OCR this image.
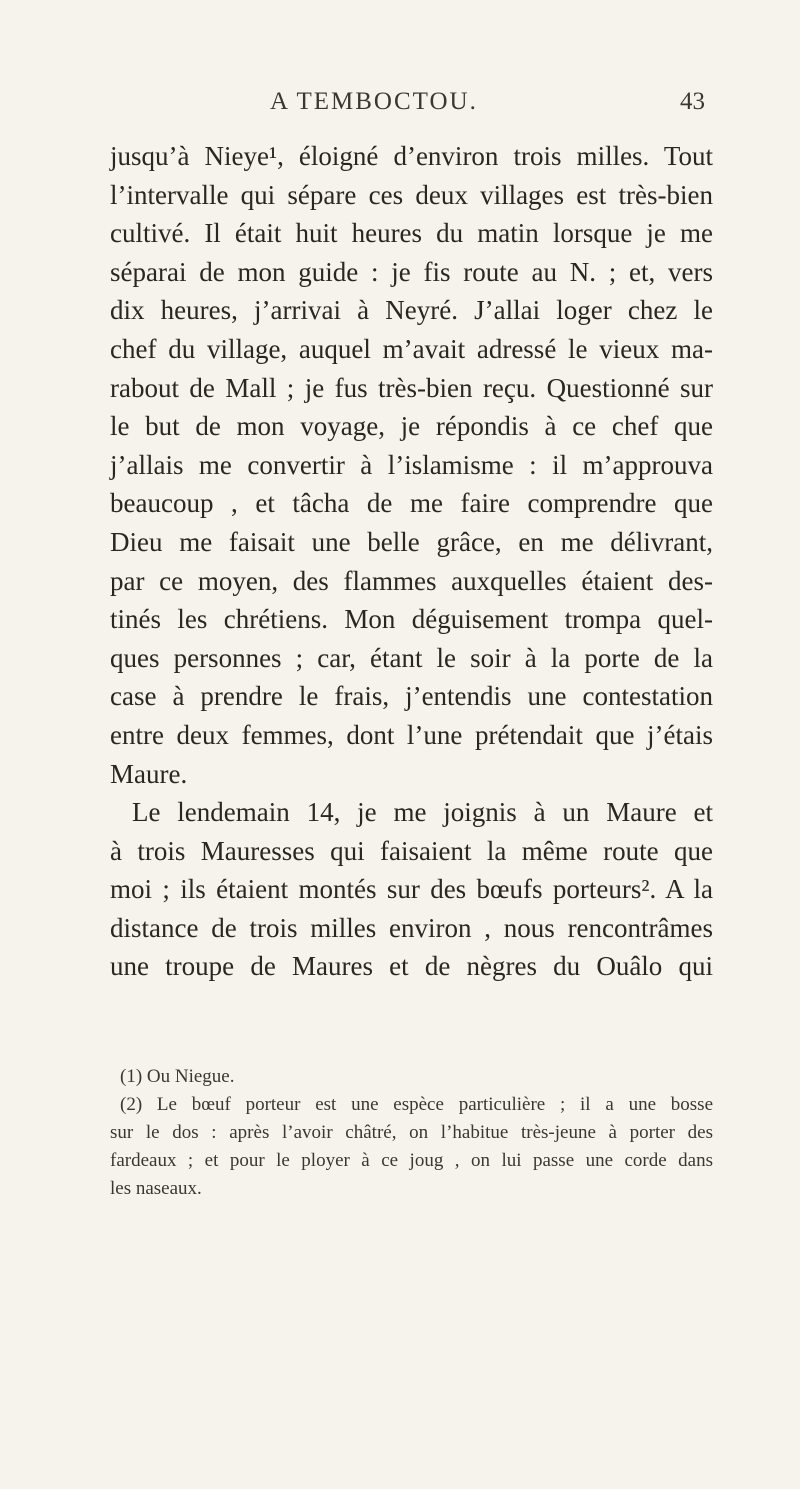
A TEMBOCTOU.	43
jusqu’à Nieye¹, éloigné d’environ trois milles. Tout
l’intervalle qui sépare ces deux villages est très-bien
cultivé. Il était huit heures du matin lorsque je me
séparai de mon guide : je fis route au N. ; et, vers
dix heures, j’arrivai à Neyré. J’allai loger chez le
chef du village, auquel m’avait adressé le vieux ma-
rabout de Mall ; je fus très-bien reçu. Questionné sur
le but de mon voyage, je répondis à ce chef que
j’allais me convertir à l’islamisme : il m’approuva
beaucoup , et tâcha de me faire comprendre que
Dieu me faisait une belle grâce, en me délivrant,
par ce moyen, des flammes auxquelles étaient des-
tinés les chrétiens. Mon déguisement trompa quel-
ques personnes ; car, étant le soir à la porte de la
case à prendre le frais, j’entendis une contestation
entre deux femmes, dont l’une prétendait que j’étais
Maure.
Le lendemain 14, je me joignis à un Maure et
à trois Mauresses qui faisaient la même route que
moi ; ils étaient montés sur des bœufs porteurs². A la
distance de trois milles environ , nous rencontrâmes
une troupe de Maures et de nègres du Ouâlo qui
(1) Ou Niegue.
(2) Le bœuf porteur est une espèce particulière ; il a une bosse
sur le dos : après l’avoir châtré, on l’habitue très-jeune à porter des
fardeaux ; et pour le ployer à ce joug , on lui passe une corde dans
les naseaux.
